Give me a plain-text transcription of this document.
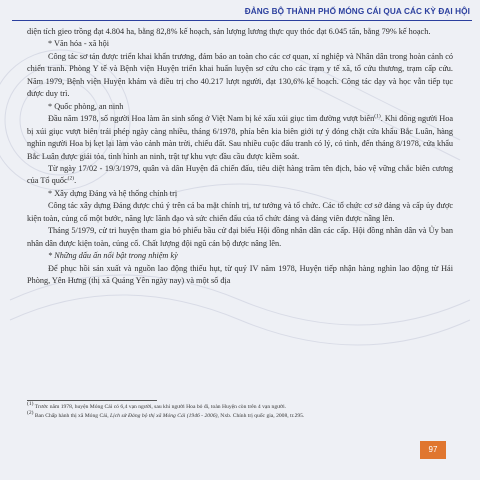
ĐẢNG BỘ THÀNH PHỐ MÓNG CÁI QUA CÁC KỲ ĐẠI HỘI

diện tích gieo trồng đạt 4.804 ha, bằng 82,8% kế hoạch, sản lượng lương thực quy thóc đạt 6.045 tấn, bằng 79% kế hoạch.

* Văn hóa - xã hội

Công tác sơ tán được triển khai khẩn trương, đảm bảo an toàn cho các cơ quan, xí nghiệp và Nhân dân trong hoàn cảnh có chiến tranh. Phòng Y tế và Bệnh viện Huyện triển khai huấn luyện sơ cứu cho các trạm y tế xã, tổ cứu thương, trạm cấp cứu. Năm 1979, Bệnh viện Huyện khám và điều trị cho 40.217 lượt người, đạt 130,6% kế hoạch. Công tác dạy và học vẫn tiếp tục được duy trì.

* Quốc phòng, an ninh

Đầu năm 1978, số người Hoa làm ăn sinh sống ở Việt Nam bị kẻ xấu xúi giục tìm đường vượt biên$^{(1)}$. Khi đông người Hoa bị xúi giục vượt biên trái phép ngày càng nhiều, tháng 6/1978, phía bên kia biên giới tự ý đóng chặt cửa khẩu Bắc Luân, hàng nghìn người Hoa bị kẹt lại làm vào cảnh màn trời, chiếu đất. Sau nhiều cuộc đấu tranh có lý, có tình, đến tháng 8/1978, cửa khẩu Bắc Luân được giải tỏa, tình hình an ninh, trật tự khu vực đầu cầu được kiềm soát.

Từ ngày 17/02 - 19/3/1979, quân và dân Huyện đã chiến đấu, tiêu diệt hàng trăm tên địch, bảo vệ vững chắc biên cương của Tổ quốc$^{(2)}$.

* Xây dựng Đảng và hệ thống chính trị

Công tác xây dựng Đảng được chú ý trên cả ba mặt chính trị, tư tưởng và tổ chức. Các tổ chức cơ sở đảng và cấp ủy được kiện toàn, củng cố một bước, năng lực lãnh đạo và sức chiến đấu của tổ chức đảng và đảng viên được nâng lên.

Tháng 5/1979, cử tri huyện tham gia bỏ phiếu bầu cử đại biểu Hội đồng nhân dân các cấp. Hội đồng nhân dân và Ủy ban nhân dân được kiện toàn, củng cố. Chất lượng đội ngũ cán bộ được nâng lên.

* Những dấu ấn nổi bật trong nhiệm kỳ

Để phục hồi sản xuất và nguồn lao động thiếu hụt, từ quý IV năm 1978, Huyện tiếp nhận hàng nghìn lao động từ Hải Phòng, Yên Hưng (thị xã Quảng Yên ngày nay) và một số địa

$^{(1)}$ Trước năm 1978, huyện Móng Cái có 6,4 vạn người, sau khi người Hoa bỏ đi, toàn Huyện còn trên 4 vạn người.

$^{(2)}$ Ban Chấp hành thị xã Móng Cái, Lịch sử Đảng bộ thị xã Móng Cái (1946 - 2006), Nxb. Chính trị quốc gia, 2008, tr.295.

97
